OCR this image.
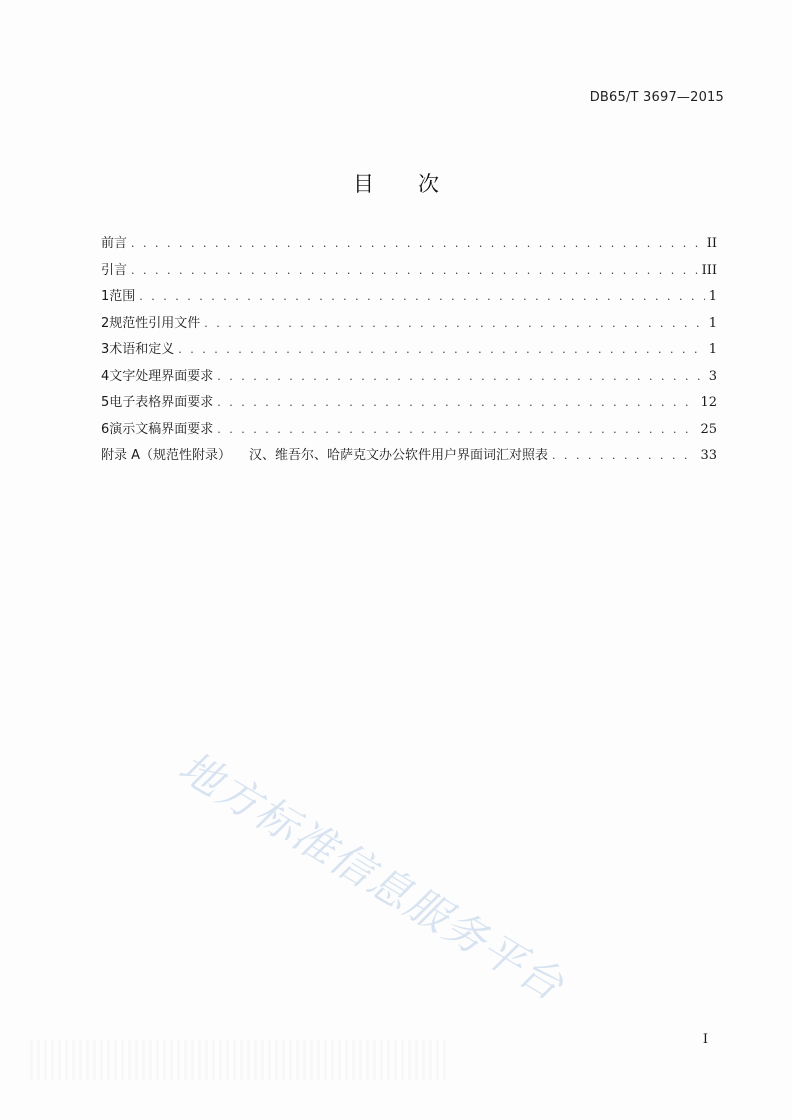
DB65/T 3697—2015
目次
前言 . . .	II
引言 . . .	III
1 范围 . . .	1
2 规范性引用文件 . . .	1
3 术语和定义 . . .	1
4 文字处理界面要求 . . .	3
5 电子表格界面要求 . . .	12
6 演示文稿界面要求 . . .	25
附录 A（规范性附录） 汉、维吾尔、哈萨克文办公软件用户界面词汇对照表 . . .	33
地方标准信息服务平台
I
